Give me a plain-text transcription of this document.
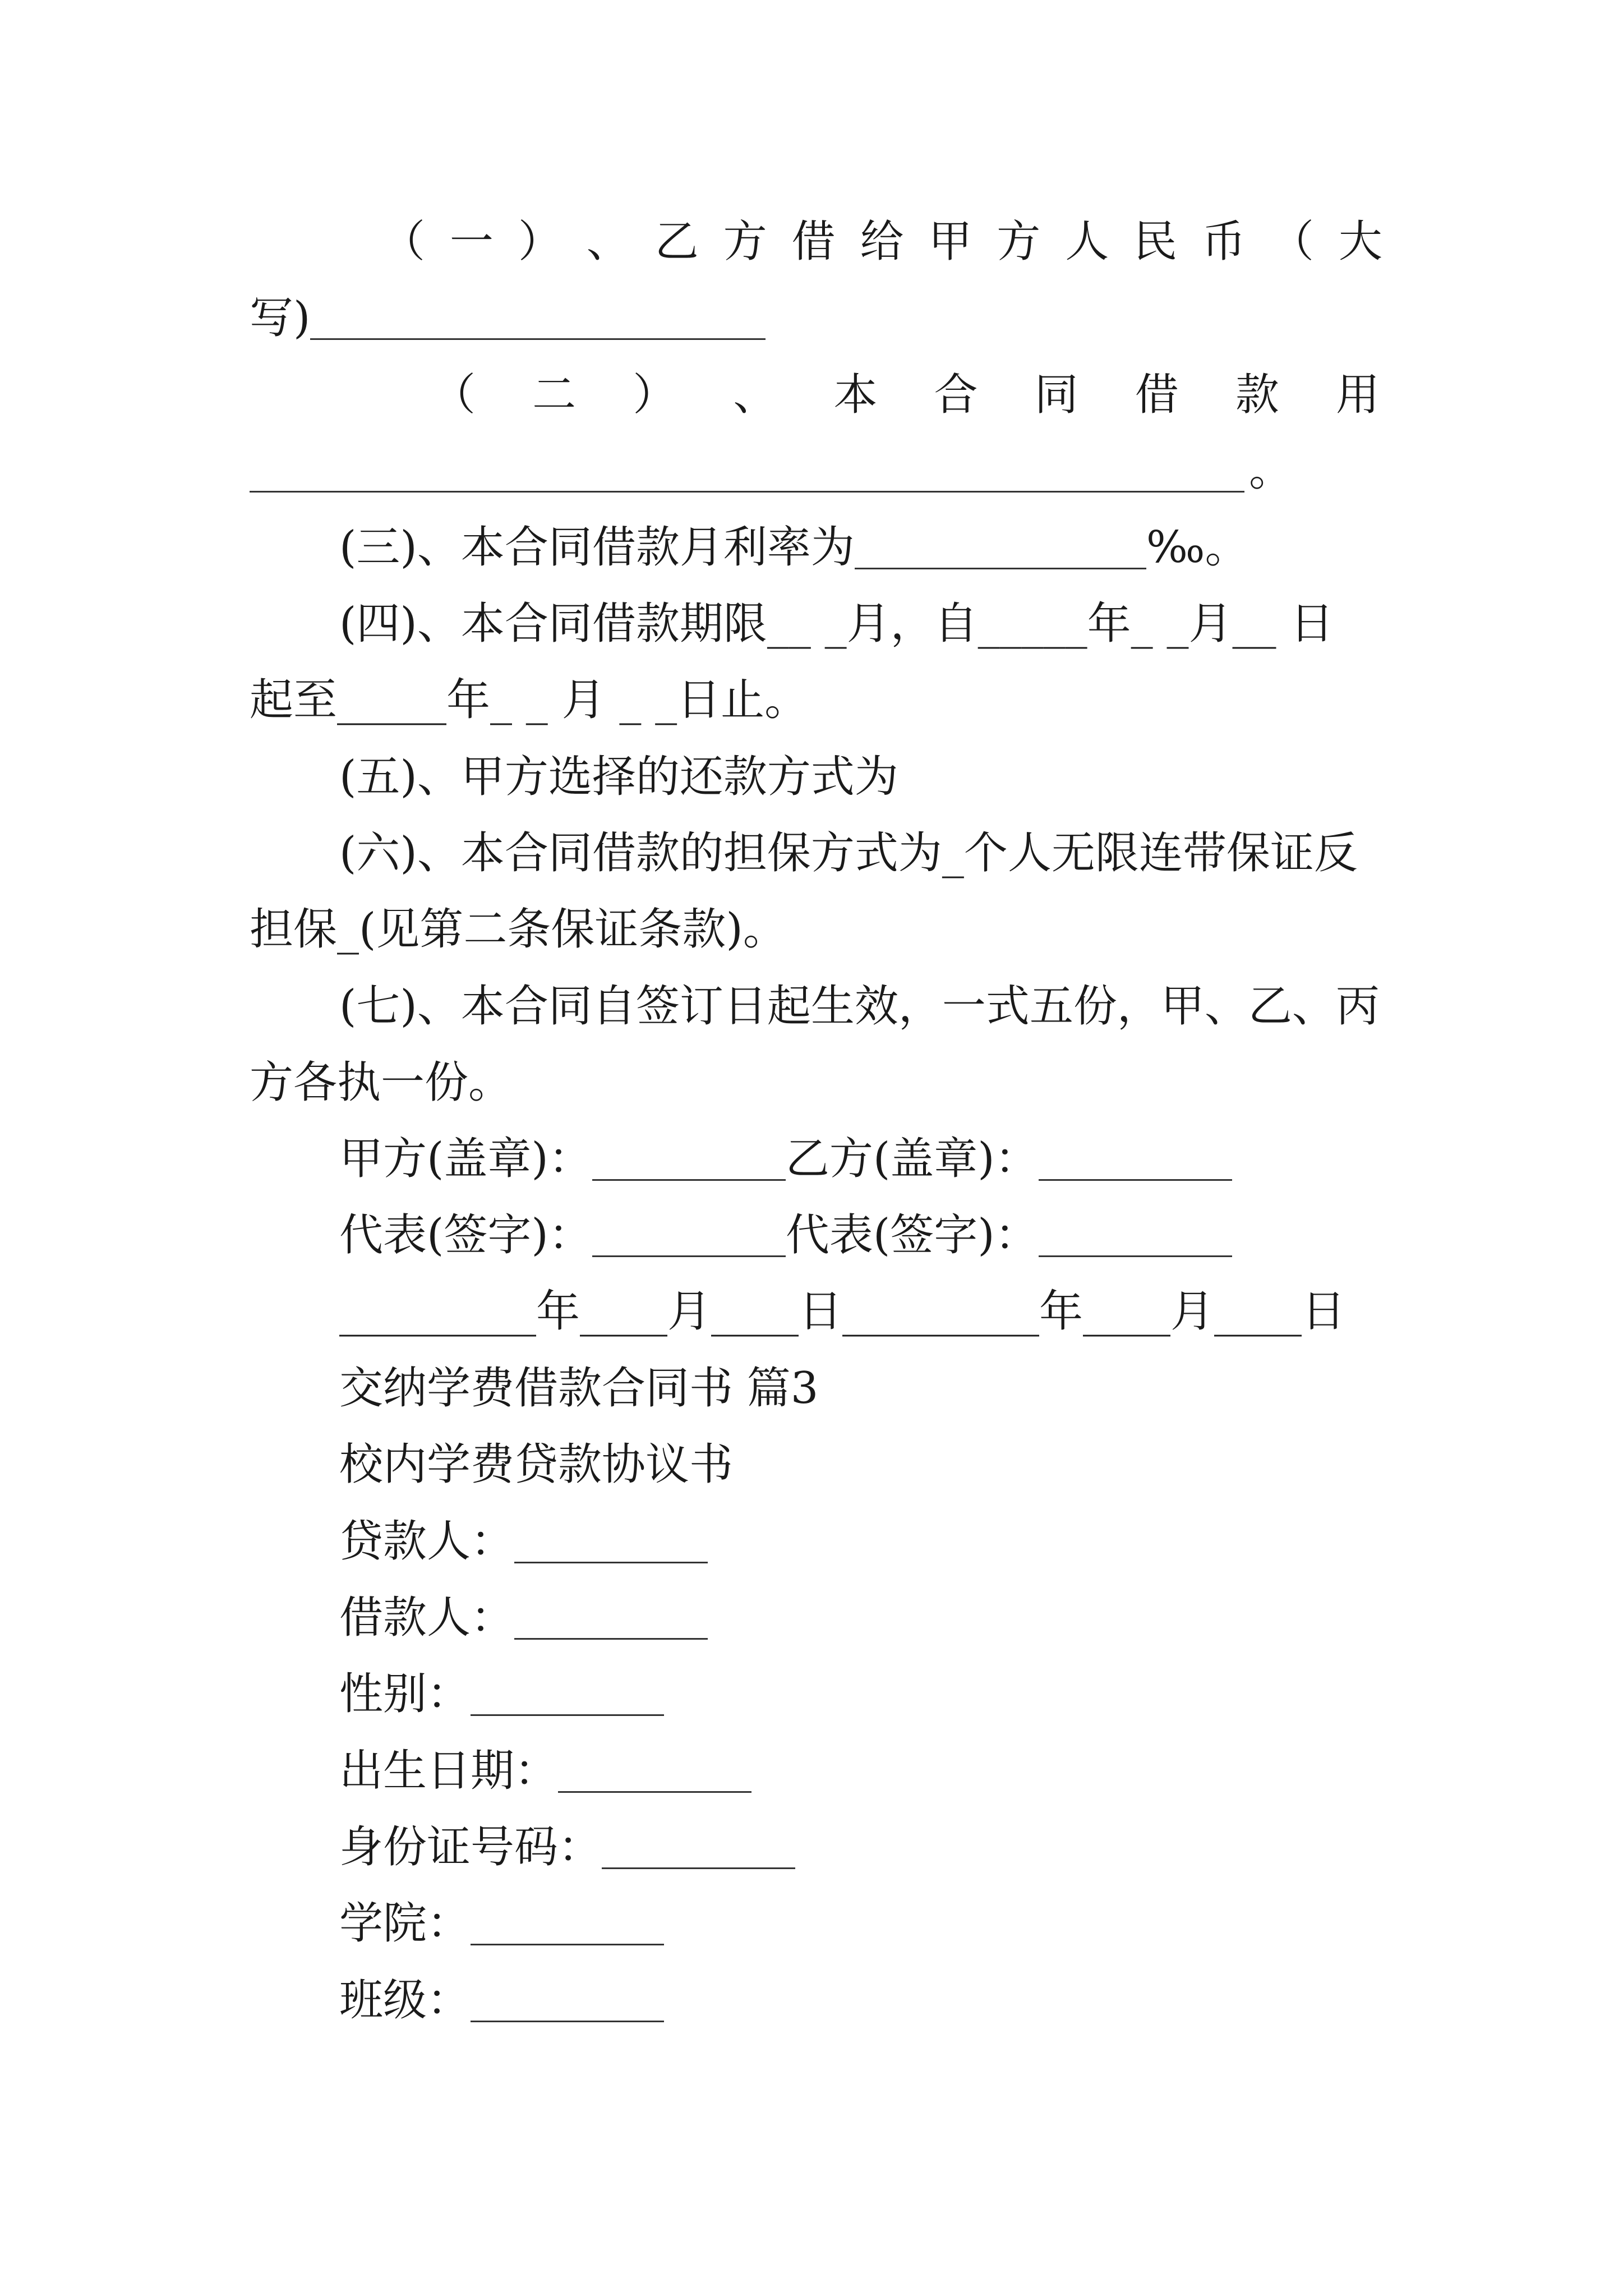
（ 一 ） 、 乙 方 借 给 甲 方 人 民 币 （ 大
写)
（ 二 ） 、 本 合 同 借 款 用
。
(三)、本合同借款月利率为	‰。
(四)、本合同借款期限__ _月，自_____年_ _月__ 日
起至_____年_ _ 月 _ _日止。
(五)、甲方选择的还款方式为
(六)、本合同借款的担保方式为_个人无限连带保证反
担保_(见第二条保证条款)。
(七)、本合同自签订日起生效，一式五份，甲、乙、丙
方各执一份。
甲方(盖章)：	乙方(盖章)：
代表(签字)：	代表(签字)：
_________年____月____日_________年____月____日
交纳学费借款合同书 篇3
校内学费贷款协议书
贷款人：
借款人：
性别：
出生日期：
身份证号码：
学院：
班级：
